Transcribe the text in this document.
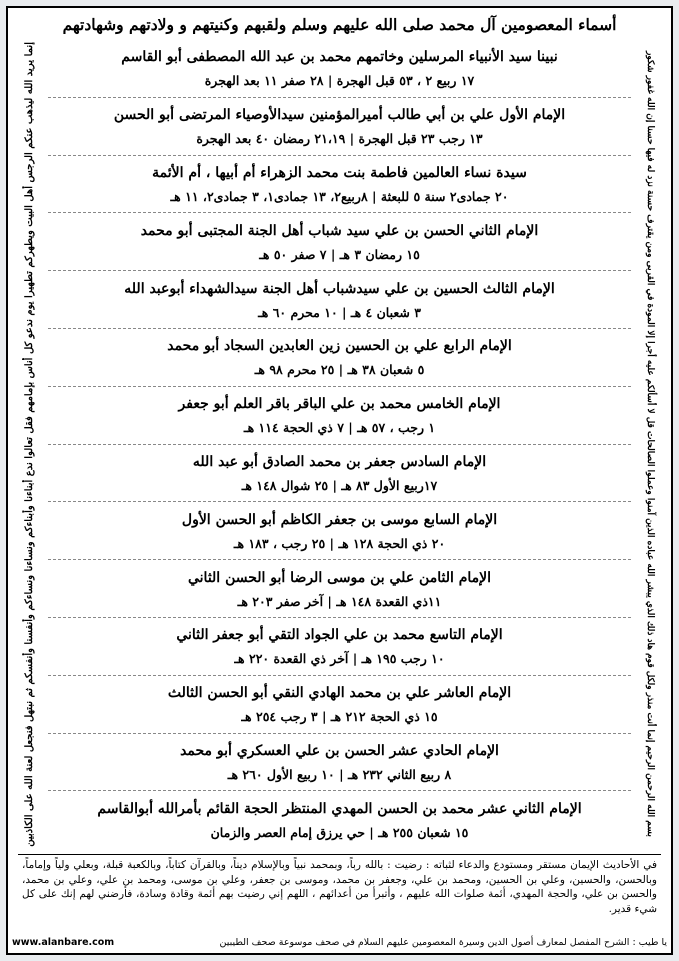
أسماء المعصومين آل محمد صلى الله عليهم وسلم ولقبهم وكنيتهم و ولادتهم وشهادتهم
بسم الله الرحمن الرحيم إنما أنت منذر ولكل قوم هاد ذلك الذي يبشر الله عباده الذين آمنوا وعملوا الصالحات قل لا أسألكم عليه أجرا إلا المودة في القربى ومن يقترف حسنة نزد له فيها حسنا إن الله غفور شكور
إنما يريد الله ليذهب عنكم الرجس أهل البيت ويطهركم تطهيرا يوم ندعو كل أناس بإمامهم فقل تعالوا ندع أبناءنا وأبناءكم ونساءنا ونساءكم وأنفسنا وأنفسكم ثم نبتهل فنجعل لعنة الله على الكاذبين	نبينا سيد الأنبياء المرسلين وخاتمهم محمد بن عبد الله المصطفى أبو القاسم
١٧ ربيع ٢ ، ٥٣ قبل الهجرة | ٢٨ صفر ١١ بعد الهجرة
الإمام الأول علي بن أبي طالب أميرالمؤمنين سيدالأوصياء المرتضى أبو الحسن
١٣ رجب ٢٣ قبل الهجرة | ٢١،١٩ رمضان ٤٠ بعد الهجرة
سيدة نساء العالمين فاطمة بنت محمد الزهراء أم أبيها ، أم الأئمة
٢٠ جمادى٢ سنة ٥ للبعثة | ٨ربيع٢، ١٣ جمادى١، ٣ جمادى٢، ١١ هـ
الإمام الثاني الحسن بن علي سيد شباب أهل الجنة المجتبى أبو محمد
١٥ رمضان ٣ هـ | ٧ صفر ٥٠ هـ
الإمام الثالث الحسين بن علي سيدشباب أهل الجنة سيدالشهداء أبوعبد الله
٣ شعبان ٤ هـ | ١٠ محرم ٦٠ هـ
الإمام الرابع علي بن الحسين زين العابدين السجاد أبو محمد
٥ شعبان ٣٨ هـ | ٢٥ محرم ٩٨ هـ
الإمام الخامس محمد بن علي الباقر باقر العلم أبو جعفر
١ رجب ، ٥٧ هـ | ٧ ذي الحجة ١١٤ هـ
الإمام السادس جعفر بن محمد الصادق أبو عبد الله
١٧ربيع الأول ٨٣ هـ | ٢٥ شوال ١٤٨ هـ
الإمام السابع موسى بن جعفر الكاظم أبو الحسن الأول
٢٠ ذي الحجة ١٢٨ هـ | ٢٥ رجب ، ١٨٣ هـ
الإمام الثامن علي بن موسى الرضا أبو الحسن الثاني
١١ذي القعدة ١٤٨ هـ | آخر صفر ٢٠٣ هـ
الإمام التاسع محمد بن علي الجواد التقي أبو جعفر الثاني
١٠ رجب ١٩٥ هـ | آخر ذي القعدة ٢٢٠ هـ
الإمام العاشر علي بن محمد الهادي النقي أبو الحسن الثالث
١٥ ذي الحجة ٢١٢ هـ | ٣ رجب ٢٥٤ هـ
الإمام الحادي عشر الحسن بن علي العسكري أبو محمد
٨ ربيع الثاني ٢٣٢ هـ | ١٠ ربيع الأول ٢٦٠ هـ
الإمام الثاني عشر محمد بن الحسن المهدي المنتظر الحجة القائم بأمرالله أبوالقاسم
١٥ شعبان ٢٥٥ هـ | حي يرزق إمام العصر والزمان
في الأحاديث الإيمان مستقر ومستودع والدعاء لثباته : رضيت : بالله رباً، وبمحمد نبياً وبالإسلام ديناً، وبالقرآن كتاباً، وبالكعبة قبلة، وبعلي ولياً وإماماً، وبالحسن، والحسين، وعلي بن الحسين، ومحمد بن علي، وجعفر بن محمد، وموسى بن جعفر، وعلي بن موسى، ومحمد بن علي، وعلي بن محمد، والحسن بن علي، والحجة المهدي، أئمة صلوات الله عليهم ، وأتبرأ من أعدائهم ، اللهم إني رضيت بهم أئمة وقادة وسادة، فأرضني لهم إنك على كل شيء قدير.
يا طيب : الشرح المفصل لمعارف أصول الدين وسيرة المعصومين عليهم السلام في صحف موسوعة صحف الطيبين
www.alanbare.com
